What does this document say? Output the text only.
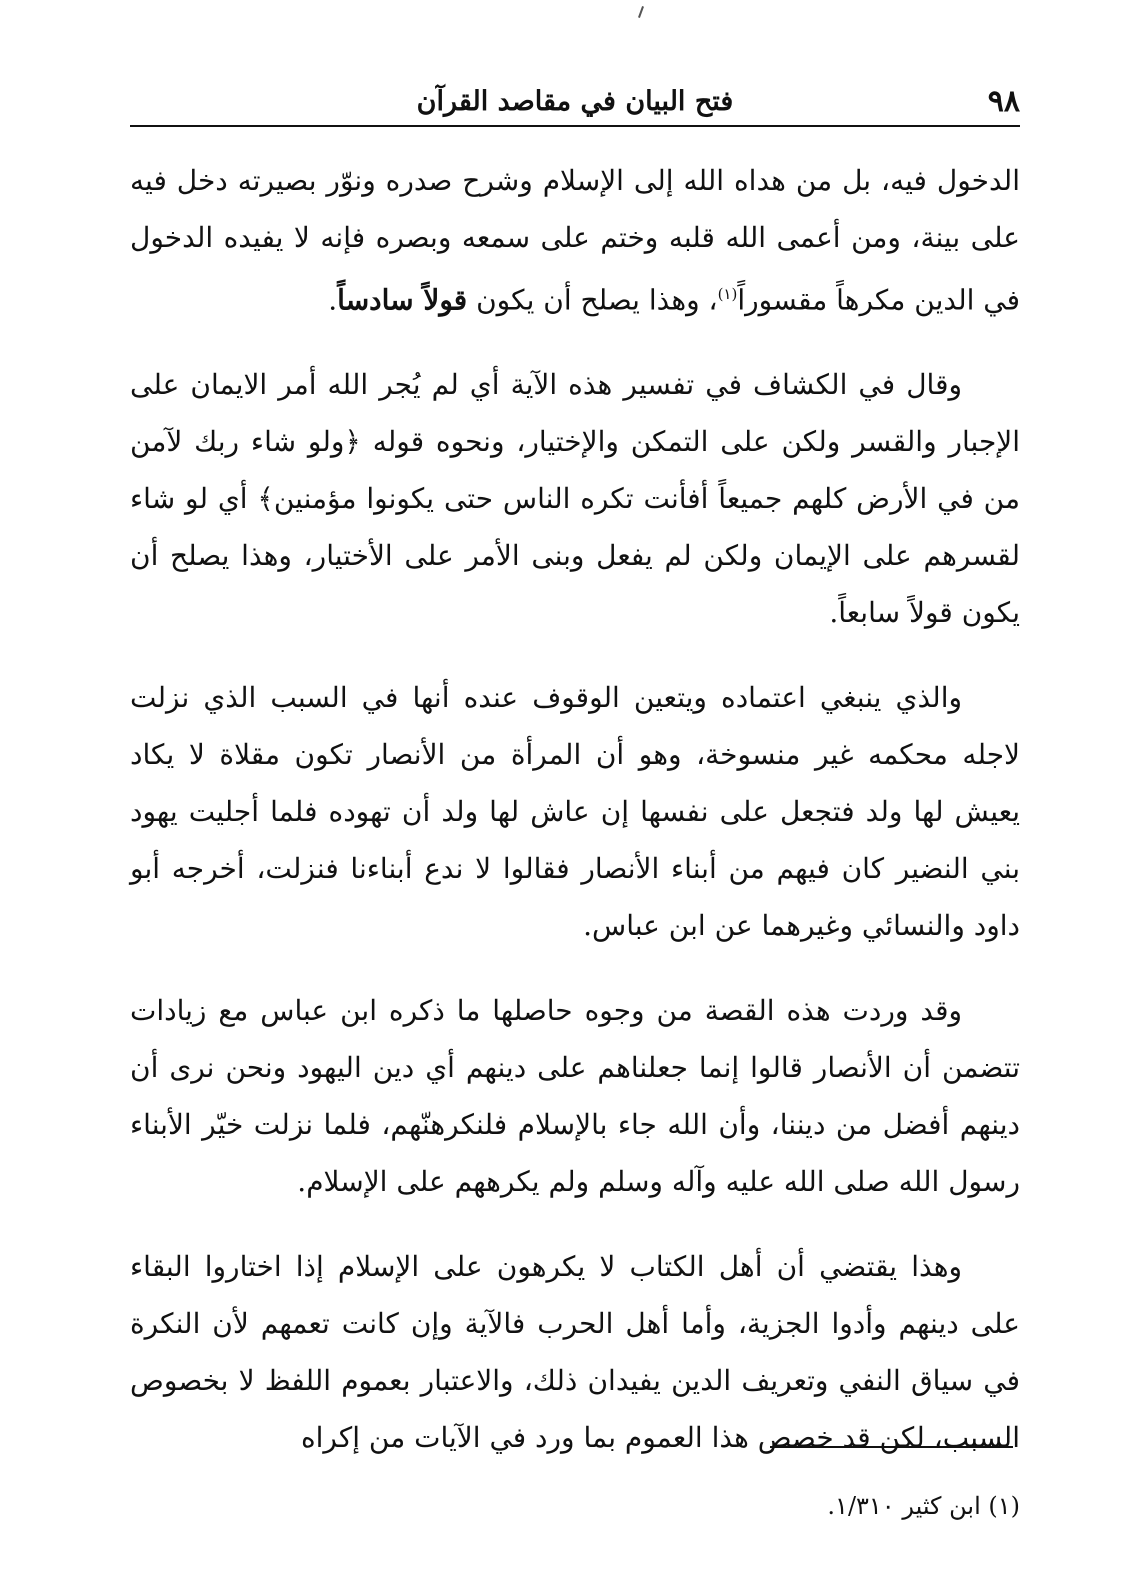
٩٨
فتح البيان في مقاصد القرآن

الدخول فيه، بل من هداه الله إلى الإسلام وشرح صدره ونوّر بصيرته دخل فيه على بينة، ومن أعمى الله قلبه وختم على سمعه وبصره فإنه لا يفيده الدخول في الدين مكرهاً مقسوراً$^{(١)}$، وهذا يصلح أن يكون قولاً سادساً.

وقال في الكشاف في تفسير هذه الآية أي لم يُجر الله أمر الايمان على الإجبار والقسر ولكن على التمكن والإختيار، ونحوه قوله ﴿ولو شاء ربك لآمن من في الأرض كلهم جميعاً أفأنت تكره الناس حتى يكونوا مؤمنين﴾ أي لو شاء لقسرهم على الإيمان ولكن لم يفعل وبنى الأمر على الأختيار، وهذا يصلح أن يكون قولاً سابعاً.

والذي ينبغي اعتماده ويتعين الوقوف عنده أنها في السبب الذي نزلت لاجله محكمه غير منسوخة، وهو أن المرأة من الأنصار تكون مقلاة لا يكاد يعيش لها ولد فتجعل على نفسها إن عاش لها ولد أن تهوده فلما أجليت يهود بني النضير كان فيهم من أبناء الأنصار فقالوا لا ندع أبناءنا فنزلت، أخرجه أبو داود والنسائي وغيرهما عن ابن عباس.

وقد وردت هذه القصة من وجوه حاصلها ما ذكره ابن عباس مع زيادات تتضمن أن الأنصار قالوا إنما جعلناهم على دينهم أي دين اليهود ونحن نرى أن دينهم أفضل من ديننا، وأن الله جاء بالإسلام فلنكرهنّهم، فلما نزلت خيّر الأبناء رسول الله صلى الله عليه وآله وسلم ولم يكرههم على الإسلام.

وهذا يقتضي أن أهل الكتاب لا يكرهون على الإسلام إذا اختاروا البقاء على دينهم وأدوا الجزية، وأما أهل الحرب فالآية وإن كانت تعمهم لأن النكرة في سياق النفي وتعريف الدين يفيدان ذلك، والاعتبار بعموم اللفظ لا بخصوص السبب، لكن قد خصص هذا العموم بما ورد في الآيات من إكراه

(١) ابن كثير ١/٣١٠.
